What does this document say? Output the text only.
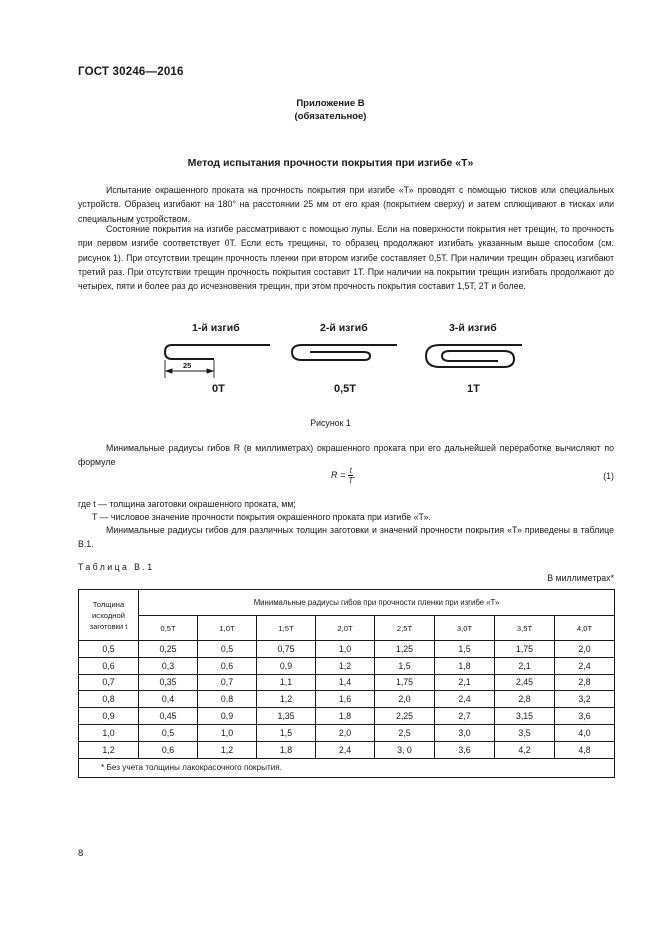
ГОСТ 30246—2016
Приложение В
(обязательное)
Метод испытания прочности покрытия при изгибе «Т»

Испытание окрашенного проката на прочность покрытия при изгибе «Т» проводят с помощью тисков или специальных устройств. Образец изгибают на 180° на расстоянии 25 мм от его края (покрытием сверху) и затем сплющивают в тисках или специальным устройством.

Состояние покрытия на изгибе рассматривают с помощью лупы. Если на поверхности покрытия нет трещин, то прочность при первом изгибе соответствует 0Т. Если есть трещины, то образец продолжают изгибать указанным выше способом (см. рисунок 1). При отсутствии трещин прочность пленки при втором изгибе составляет 0,5Т. При наличии трещин образец изгибают третий раз. При отсутствии трещин прочность покрытия составит 1Т. При наличии на покрытии трещин изгибать продолжают до четырех, пяти и более раз до исчезновения трещин, при этом прочность покрытия составит 1,5Т, 2Т и более.

1-й изгиб	2-й изгиб	3-й изгиб
25
0Т	0,5Т	1Т
Рисунок 1

Минимальные радиусы гибов R (в миллиметрах) окрашенного проката при его дальнейшей переработке вычисляют по формуле

$R = \frac{t}{T}$ .	(1)

где t — толщина заготовки окрашенного проката, мм;

T — числовое значение прочности покрытия окрашенного проката при изгибе «Т».

Минимальные радиусы гибов для различных толщин заготовки и значений прочности покрытия «Т» приведены в таблице В.1.

Таблица В.1
В миллиметрах*
Толщина исходной заготовки t	Минимальные радиусы гибов при прочности пленки при изгибе «Т»							
	0,5Т	1,0Т	1,5Т	2,0Т	2,5Т	3,0Т	3,5Т	4,0Т
0,5	0,25	0,5	0,75	1,0	1,25	1,5	1,75	2,0
0,6	0,3	0,6	0,9	1,2	1,5	1,8	2,1	2,4
0,7	0,35	0,7	1,1	1,4	1,75	2,1	2,45	2,8
0,8	0,4	0,8	1,2	1,6	2,0	2,4	2,8	3,2
0,9	0,45	0,9	1,35	1,8	2,25	2,7	3,15	3,6
1,0	0,5	1,0	1,5	2,0	2,5	3,0	3,5	4,0
1,2	0,6	1,2	1,8	2,4	3, 0	3,6	4,2	4,8
* Без учета толщины лакокрасочного покрытия.								
8
